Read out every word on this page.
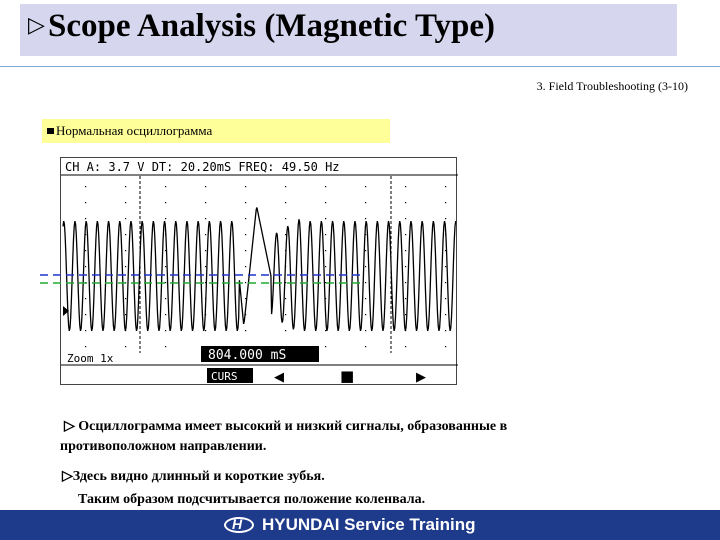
▷ Scope Analysis (Magnetic Type)
3. Field Troubleshooting (3-10)
Нормальная осциллограмма
CH A: 3.7 V DT: 20.20mS FREQ: 49.50 Hz
Zoom 1x	804.000 mS
CURS	◀	■	▶
▷ Осциллограмма имеет высокий и низкий сигналы, образованные в
противоположном направлении.
▷Здесь видно длинный и короткие зубья.
Таким образом подсчитывается положение коленвала.
H HYUNDAI Service Training
